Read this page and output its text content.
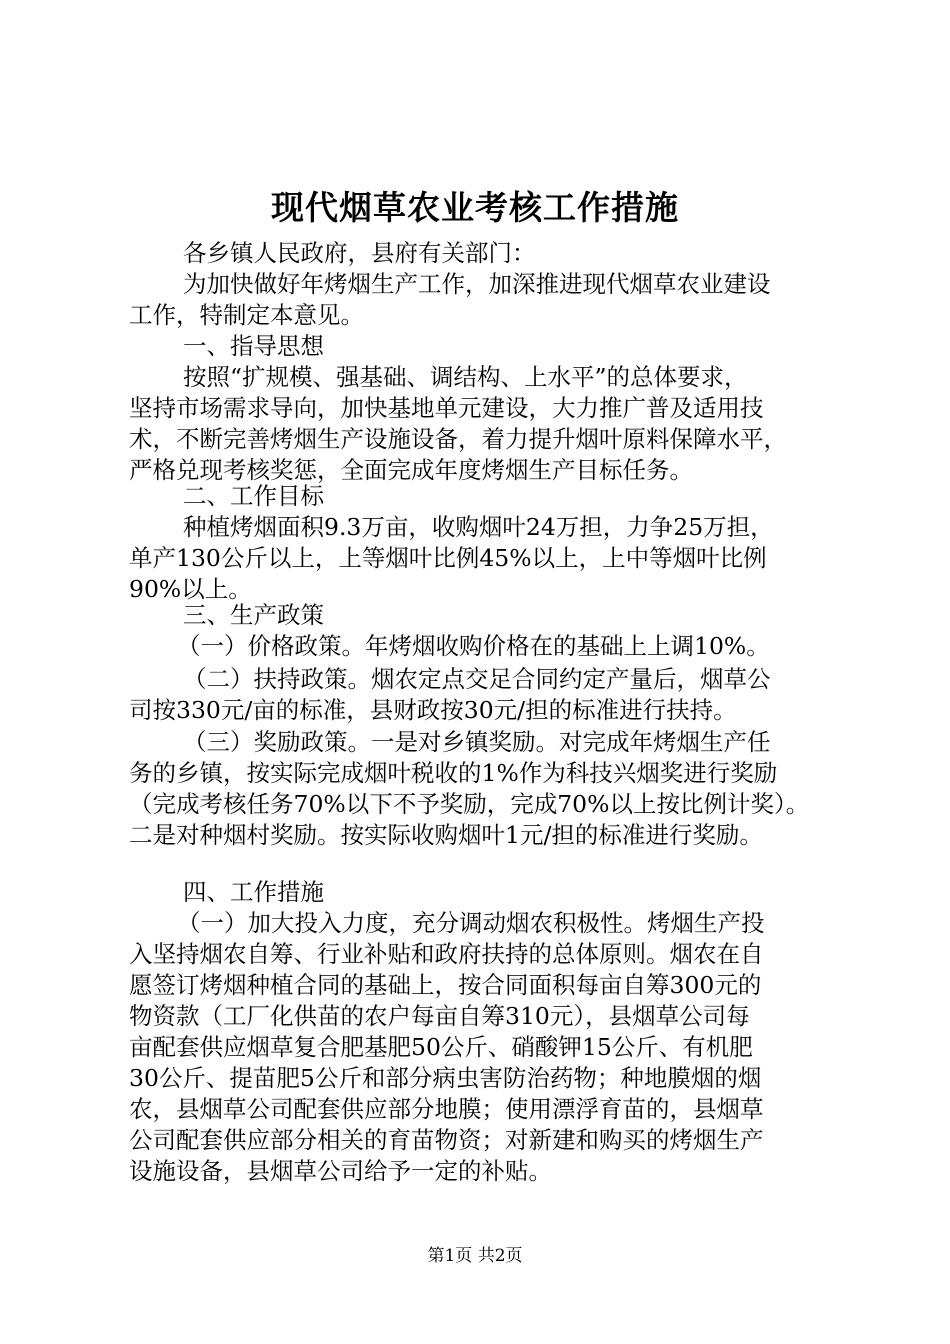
现代烟草农业考核工作措施
各乡镇人民政府，县府有关部门：
为加快做好年烤烟生产工作，加深推进现代烟草农业建设
工作，特制定本意见。
一、指导思想
按照“扩规模、强基础、调结构、上水平”的总体要求，
坚持市场需求导向，加快基地单元建设，大力推广普及适用技
术，不断完善烤烟生产设施设备，着力提升烟叶原料保障水平，
严格兑现考核奖惩，全面完成年度烤烟生产目标任务。
二、工作目标
种植烤烟面积9.3万亩，收购烟叶24万担，力争25万担，
单产130公斤以上，上等烟叶比例45%以上，上中等烟叶比例
90%以上。
三、生产政策
（一）价格政策。年烤烟收购价格在的基础上上调10%。
（二）扶持政策。烟农定点交足合同约定产量后，烟草公
司按330元/亩的标准，县财政按30元/担的标准进行扶持。
（三）奖励政策。一是对乡镇奖励。对完成年烤烟生产任
务的乡镇，按实际完成烟叶税收的1%作为科技兴烟奖进行奖励
（完成考核任务70%以下不予奖励，完成70%以上按比例计奖）。
二是对种烟村奖励。按实际收购烟叶1元/担的标准进行奖励。
四、工作措施
（一）加大投入力度，充分调动烟农积极性。烤烟生产投
入坚持烟农自筹、行业补贴和政府扶持的总体原则。烟农在自
愿签订烤烟种植合同的基础上，按合同面积每亩自筹300元的
物资款（工厂化供苗的农户每亩自筹310元），县烟草公司每
亩配套供应烟草复合肥基肥50公斤、硝酸钾15公斤、有机肥
30公斤、提苗肥5公斤和部分病虫害防治药物；种地膜烟的烟
农，县烟草公司配套供应部分地膜；使用漂浮育苗的，县烟草
公司配套供应部分相关的育苗物资；对新建和购买的烤烟生产
设施设备，县烟草公司给予一定的补贴。
第1页 共2页
